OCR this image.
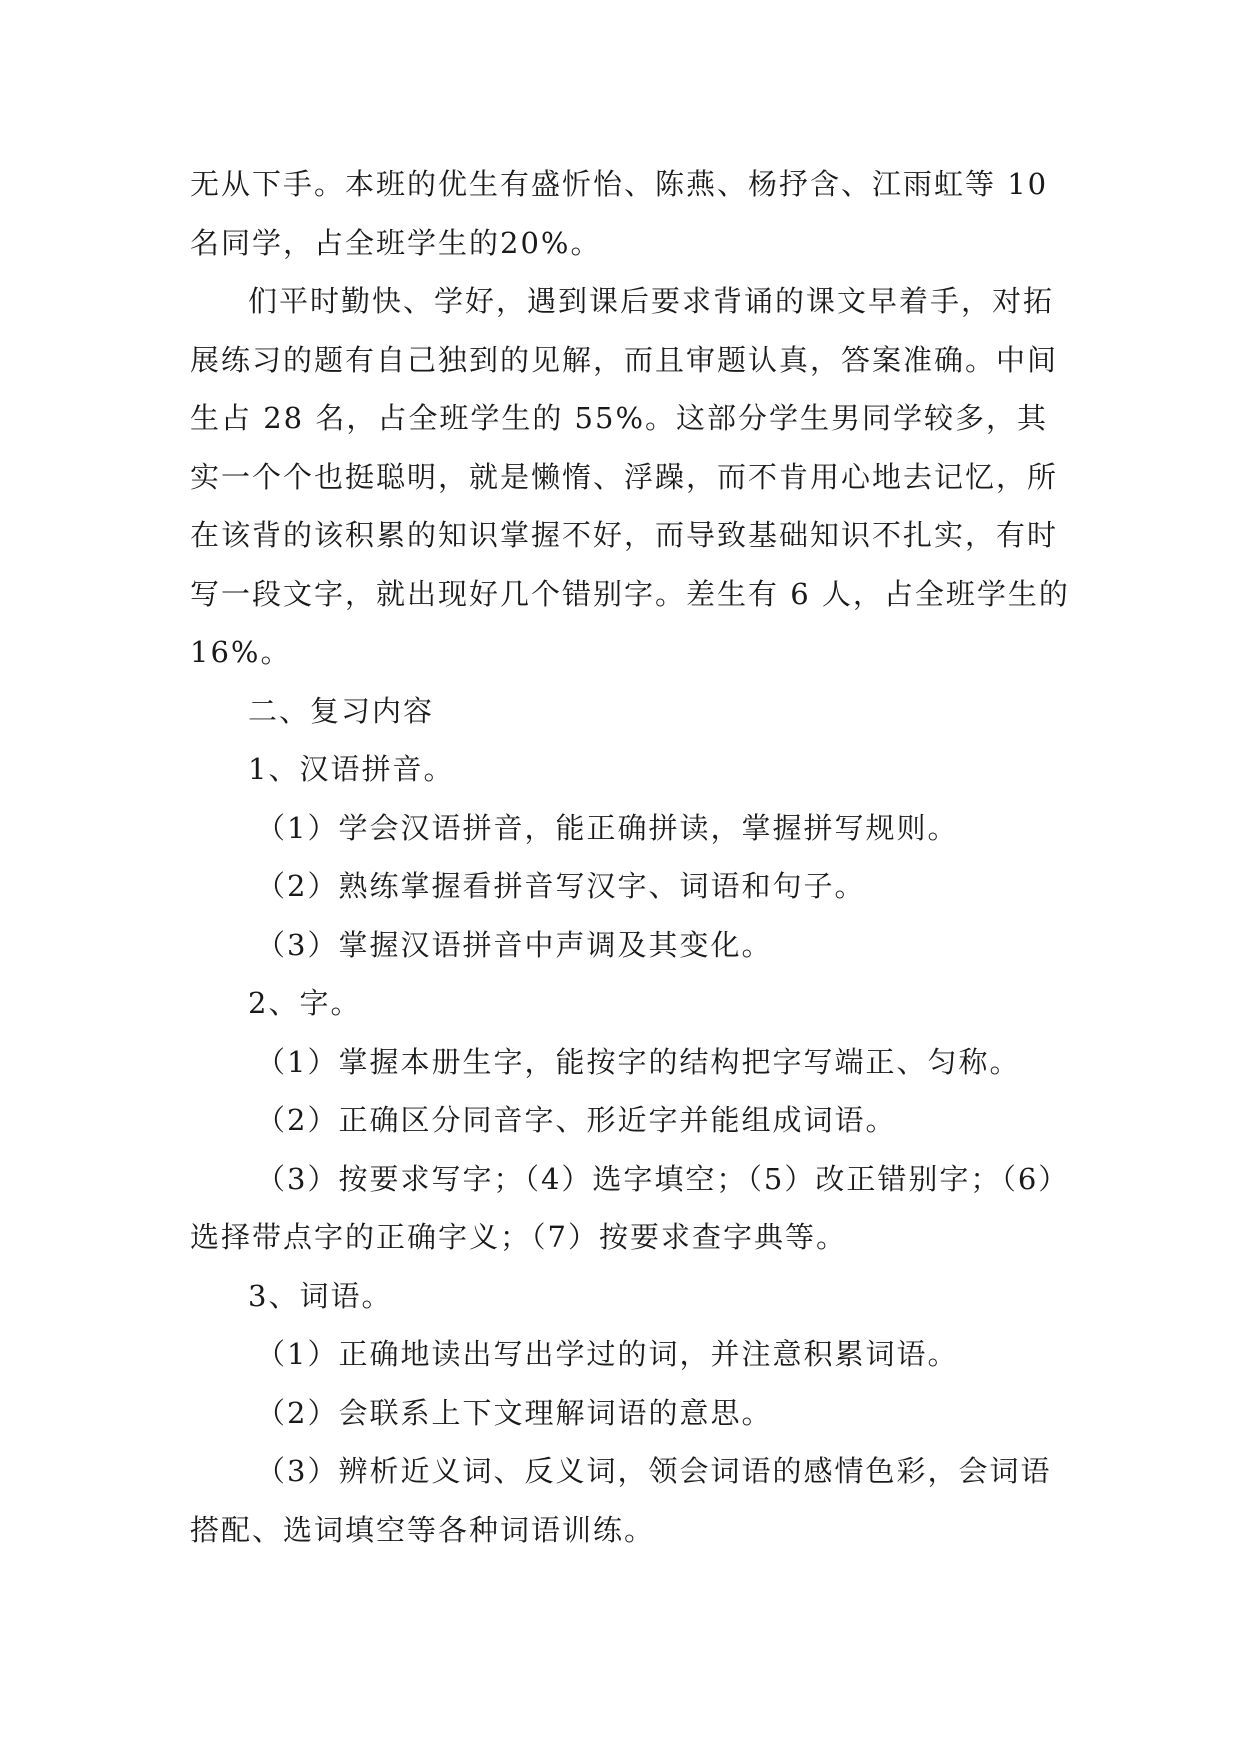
无从下手。本班的优生有盛忻怡、陈燕、杨抒含、江雨虹等 10 名同学，占全班学生的20%。

们平时勤快、学好，遇到课后要求背诵的课文早着手，对拓展练习的题有自己独到的见解，而且审题认真，答案准确。中间生占 28 名，占全班学生的 55%。这部分学生男同学较多，其实一个个也挺聪明，就是懒惰、浮躁，而不肯用心地去记忆，所在该背的该积累的知识掌握不好，而导致基础知识不扎实，有时写一段文字，就出现好几个错别字。差生有 6 人，占全班学生的 16%。

二、复习内容

1、汉语拼音。

（1）学会汉语拼音，能正确拼读，掌握拼写规则。

（2）熟练掌握看拼音写汉字、词语和句子。

（3）掌握汉语拼音中声调及其变化。

2、字。

（1）掌握本册生字，能按字的结构把字写端正、匀称。

（2）正确区分同音字、形近字并能组成词语。

（3）按要求写字；（4）选字填空；（5）改正错别字；（6）选择带点字的正确字义；（7）按要求查字典等。

3、词语。

（1）正确地读出写出学过的词，并注意积累词语。

（2）会联系上下文理解词语的意思。

（3）辨析近义词、反义词，领会词语的感情色彩，会词语搭配、选词填空等各种词语训练。
